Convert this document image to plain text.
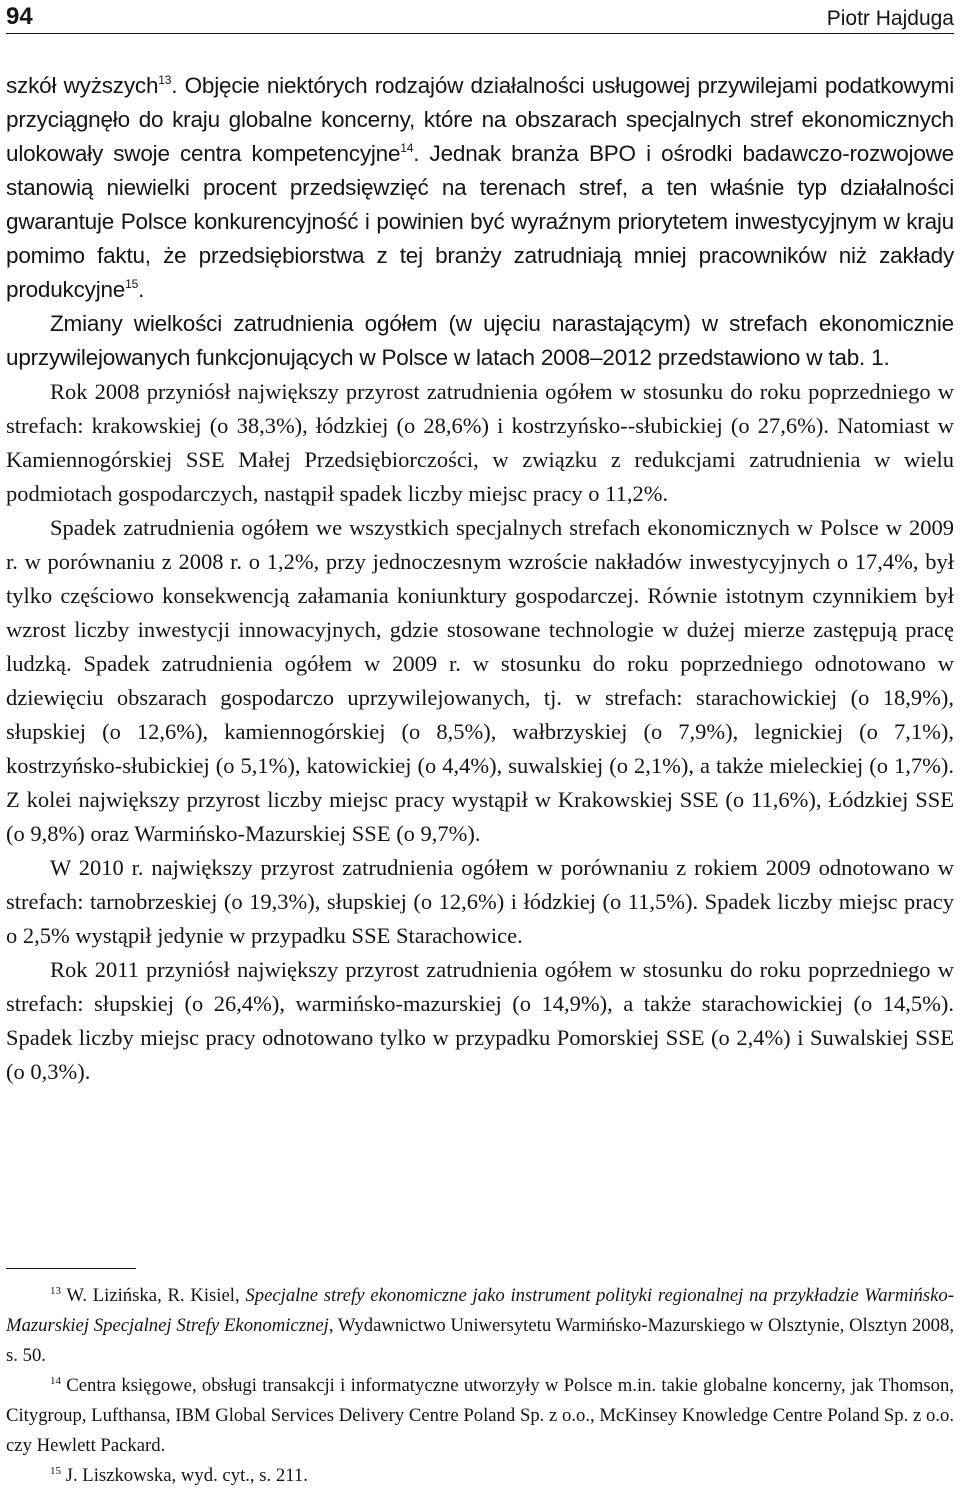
94	Piotr Hajduga

szkół wyższych$^{13}$. Objęcie niektórych rodzajów działalności usługowej przywilejami podatkowymi przyciągnęło do kraju globalne koncerny, które na obszarach specjalnych stref ekonomicznych ulokowały swoje centra kompetencyjne$^{14}$. Jednak branża BPO i ośrodki badawczo-rozwojowe stanowią niewielki procent przedsięwzięć na terenach stref, a ten właśnie typ działalności gwarantuje Polsce konkurencyjność i powinien być wyraźnym priorytetem inwestycyjnym w kraju pomimo faktu, że przedsiębiorstwa z tej branży zatrudniają mniej pracowników niż zakłady produkcyjne$^{15}$.

Zmiany wielkości zatrudnienia ogółem (w ujęciu narastającym) w strefach ekonomicznie uprzywilejowanych funkcjonujących w Polsce w latach 2008–2012 przedstawiono w tab. 1.

Rok 2008 przyniósł największy przyrost zatrudnienia ogółem w stosunku do roku poprzedniego w strefach: krakowskiej (o 38,3%), łódzkiej (o 28,6%) i kostrzyńsko--słubickiej (o 27,6%). Natomiast w Kamiennogórskiej SSE Małej Przedsiębiorczości, w związku z redukcjami zatrudnienia w wielu podmiotach gospodarczych, nastąpił spadek liczby miejsc pracy o 11,2%.

Spadek zatrudnienia ogółem we wszystkich specjalnych strefach ekonomicznych w Polsce w 2009 r. w porównaniu z 2008 r. o 1,2%, przy jednoczesnym wzroście nakładów inwestycyjnych o 17,4%, był tylko częściowo konsekwencją załamania koniunktury gospodarczej. Równie istotnym czynnikiem był wzrost liczby inwestycji innowacyjnych, gdzie stosowane technologie w dużej mierze zastępują pracę ludzką. Spadek zatrudnienia ogółem w 2009 r. w stosunku do roku poprzedniego odnotowano w dziewięciu obszarach gospodarczo uprzywilejowanych, tj. w strefach: starachowickiej (o 18,9%), słupskiej (o 12,6%), kamiennogórskiej (o 8,5%), wałbrzyskiej (o 7,9%), legnickiej (o 7,1%), kostrzyńsko-słubickiej (o 5,1%), katowickiej (o 4,4%), suwalskiej (o 2,1%), a także mieleckiej (o 1,7%). Z kolei największy przyrost liczby miejsc pracy wystąpił w Krakowskiej SSE (o 11,6%), Łódzkiej SSE (o 9,8%) oraz Warmińsko-Mazurskiej SSE (o 9,7%).

W 2010 r. największy przyrost zatrudnienia ogółem w porównaniu z rokiem 2009 odnotowano w strefach: tarnobrzeskiej (o 19,3%), słupskiej (o 12,6%) i łódzkiej (o 11,5%). Spadek liczby miejsc pracy o 2,5% wystąpił jedynie w przypadku SSE Starachowice.

Rok 2011 przyniósł największy przyrost zatrudnienia ogółem w stosunku do roku poprzedniego w strefach: słupskiej (o 26,4%), warmińsko-mazurskiej (o 14,9%), a także starachowickiej (o 14,5%). Spadek liczby miejsc pracy odnotowano tylko w przypadku Pomorskiej SSE (o 2,4%) i Suwalskiej SSE (o 0,3%).

$^{13}$ W. Lizińska, R. Kisiel, Specjalne strefy ekonomiczne jako instrument polityki regionalnej na przykładzie Warmińsko-Mazurskiej Specjalnej Strefy Ekonomicznej, Wydawnictwo Uniwersytetu Warmińsko-Mazurskiego w Olsztynie, Olsztyn 2008, s. 50.

$^{14}$ Centra księgowe, obsługi transakcji i informatyczne utworzyły w Polsce m.in. takie globalne koncerny, jak Thomson, Citygroup, Lufthansa, IBM Global Services Delivery Centre Poland Sp. z o.o., McKinsey Knowledge Centre Poland Sp. z o.o. czy Hewlett Packard.

$^{15}$ J. Liszkowska, wyd. cyt., s. 211.
